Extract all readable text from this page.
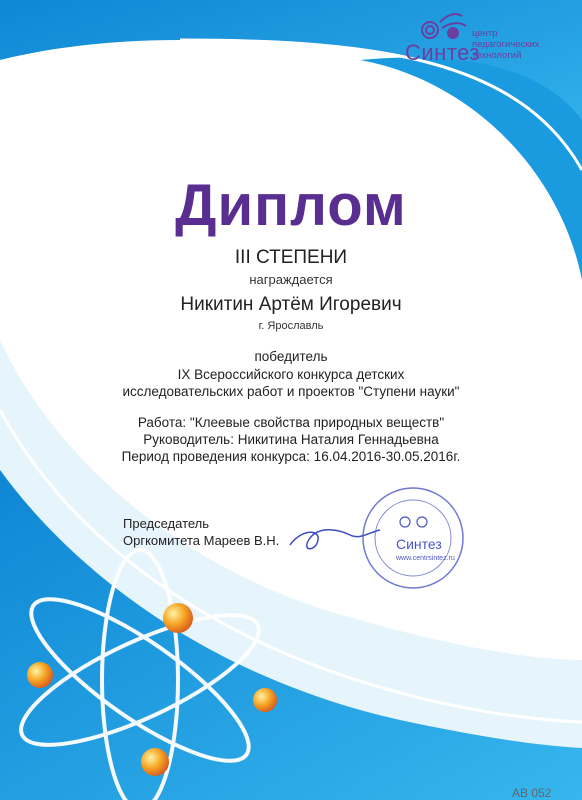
Синтез
центр
педагогических
технологий
Ступени науки
Диплом
III СТЕПЕНИ
награждается
Никитин Артём Игоревич
г. Ярославль
победитель
IX Всероссийского конкурса детских
исследовательских работ и проектов "Ступени науки"
Работа: "Клеевые свойства природных веществ"
Руководитель: Никитина Наталия Геннадьевна
Период проведения конкурса: 16.04.2016-30.05.2016г.
Председатель
Оргкомитета Мареев В.Н.	Синтез
www.centrsintez.ru
АВ 052
